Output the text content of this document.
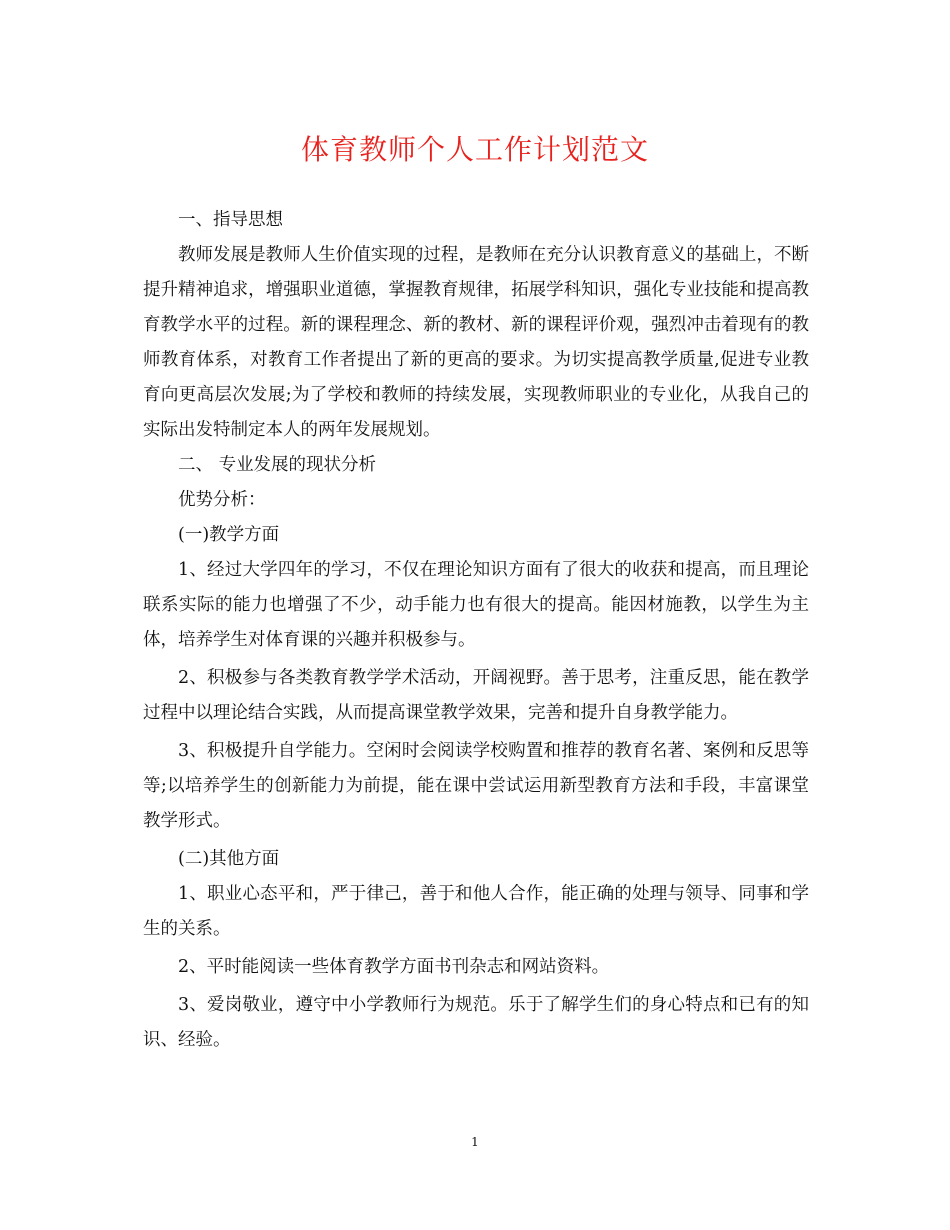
体育教师个人工作计划范文

一、指导思想

教师发展是教师人生价值实现的过程，是教师在充分认识教育意义的基础上，不断提升精神追求，增强职业道德，掌握教育规律，拓展学科知识，强化专业技能和提高教育教学水平的过程。新的课程理念、新的教材、新的课程评价观，强烈冲击着现有的教师教育体系，对教育工作者提出了新的更高的要求。为切实提高教学质量,促进专业教育向更高层次发展;为了学校和教师的持续发展，实现教师职业的专业化，从我自己的实际出发特制定本人的两年发展规划。

二、 专业发展的现状分析

优势分析：

(一)教学方面

1、经过大学四年的学习，不仅在理论知识方面有了很大的收获和提高，而且理论联系实际的能力也增强了不少，动手能力也有很大的提高。能因材施教，以学生为主体，培养学生对体育课的兴趣并积极参与。

2、积极参与各类教育教学学术活动，开阔视野。善于思考，注重反思，能在教学过程中以理论结合实践，从而提高课堂教学效果，完善和提升自身教学能力。

3、积极提升自学能力。空闲时会阅读学校购置和推荐的教育名著、案例和反思等等;以培养学生的创新能力为前提，能在课中尝试运用新型教育方法和手段，丰富课堂教学形式。

(二)其他方面

1、职业心态平和，严于律己，善于和他人合作，能正确的处理与领导、同事和学生的关系。

2、平时能阅读一些体育教学方面书刊杂志和网站资料。

3、爱岗敬业，遵守中小学教师行为规范。乐于了解学生们的身心特点和已有的知识、经验。

1
